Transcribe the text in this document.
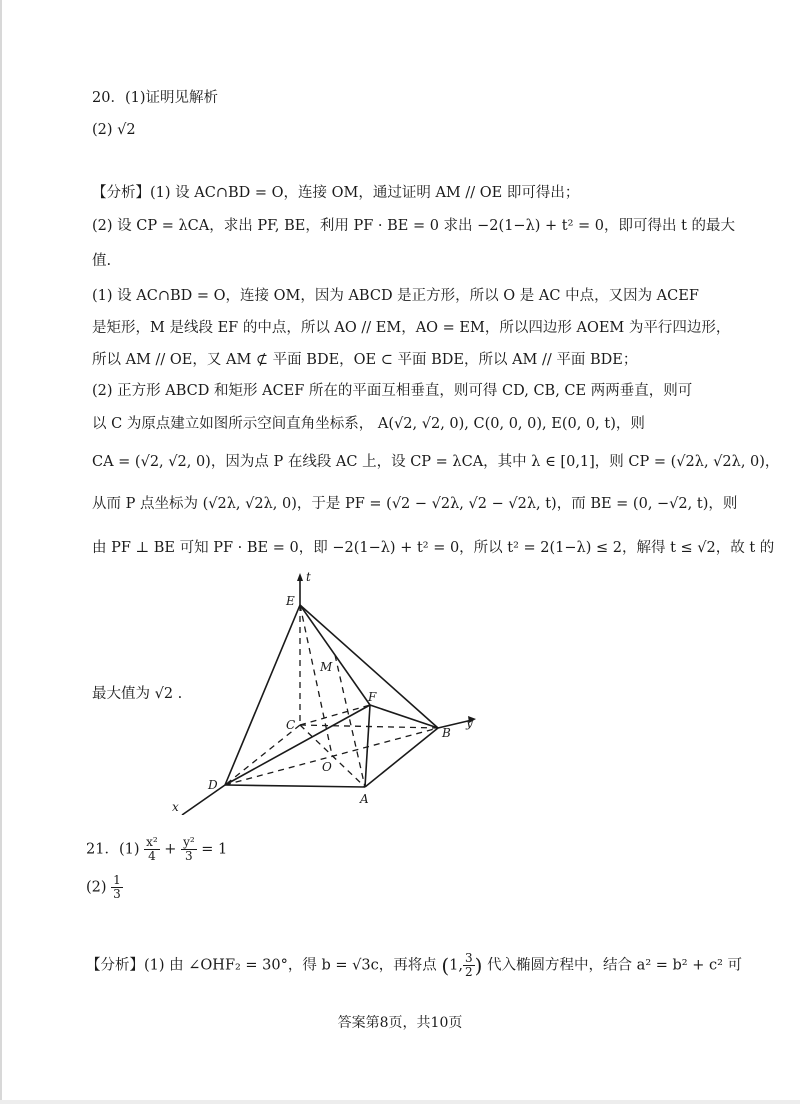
20．(1)证明见解析
(2) √2
【分析】(1) 设 AC∩BD = O，连接 OM，通过证明 AM // OE 即可得出；
(2) 设 CP = λCA，求出 PF, BE，利用 PF · BE = 0 求出 −2(1−λ) + t² = 0，即可得出 t 的最大
值.
(1) 设 AC∩BD = O，连接 OM，因为 ABCD 是正方形，所以 O 是 AC 中点，又因为 ACEF
是矩形，M 是线段 EF 的中点，所以 AO // EM，AO = EM，所以四边形 AOEM 为平行四边形，
所以 AM // OE，又 AM ⊄ 平面 BDE，OE ⊂ 平面 BDE，所以 AM // 平面 BDE；
(2) 正方形 ABCD 和矩形 ACEF 所在的平面互相垂直，则可得 CD, CB, CE 两两垂直，则可
以 C 为原点建立如图所示空间直角坐标系， A(√2, √2, 0), C(0, 0, 0), E(0, 0, t)，则
CA = (√2, √2, 0)，因为点 P 在线段 AC 上，设 CP = λCA，其中 λ ∈ [0,1]，则 CP = (√2λ, √2λ, 0)，
从而 P 点坐标为 (√2λ, √2λ, 0)，于是 PF = (√2 − √2λ, √2 − √2λ, t)，而 BE = (0, −√2, t)，则
由 PF ⊥ BE 可知 PF · BE = 0，即 −2(1−λ) + t² = 0，所以 t² = 2(1−λ) ≤ 2，解得 t ≤ √2，故 t 的
最大值为 √2 .
t
E
M
F
C
O
B
y
D
A
x
21．$(1) \frac{\text{x²}}{4} + \frac{\text{y²}}{3} = 1$
$(2) \frac{1}{3}$
【分析】(1) 由 ∠OHF₂ = 30°，得 b = √3c，再将点 (1, $\frac{3}{2}$ ) 代入椭圆方程中，结合 a² = b² + c² 可
答案第8页，共10页
